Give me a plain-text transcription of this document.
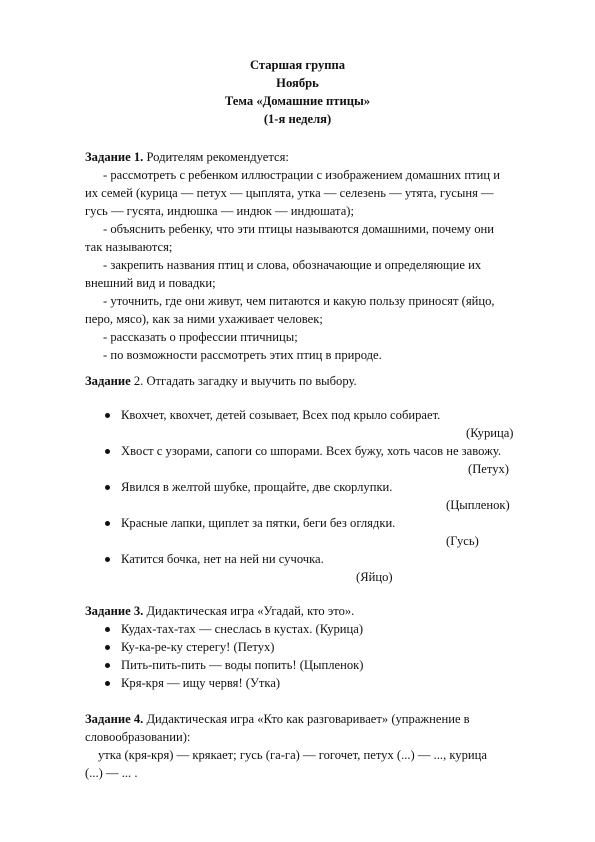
Старшая группа
Ноябрь
Тема «Домашние птицы»
(1-я неделя)
Задание 1. Родителям рекомендуется:
- рассмотреть с ребенком иллюстрации с изображением домашних птиц и
их семей (курица — петух — цыплята, утка — селезень — утята, гусыня —
гусь — гусята, индюшка — индюк — индюшата);
- объяснить ребенку, что эти птицы называются домашними, почему они
так называются;
- закрепить названия птиц и слова, обозначающие и определяющие их
внешний вид и повадки;
- уточнить, где они живут, чем питаются и какую пользу приносят (яйцо,
перо, мясо), как за ними ухаживает человек;
- рассказать о профессии птичницы;
- по возможности рассмотреть этих птиц в природе.
Задание 2. Отгадать загадку и выучить по выбору.
Квохчет, квохчет, детей созывает, Всех под крыло собирает.
(Курица)
Хвост с узорами, сапоги со шпорами. Всех бужу, хоть часов не завожу.
(Петух)
Явился в желтой шубке, прощайте, две скорлупки.
(Цыпленок)
Красные лапки, щиплет за пятки, беги без оглядки.
(Гусь)
Катится бочка, нет на ней ни сучочка.
(Яйцо)
Задание 3. Дидактическая игра «Угадай, кто это».
Кудах-тах-тах — снеслась в кустах. (Курица)
Ку-ка-ре-ку стерегу! (Петух)
Пить-пить-пить — воды попить! (Цыпленок)
Кря-кря — ищу червя! (Утка)
Задание 4. Дидактическая игра «Кто как разговаривает» (упражнение в
словообразовании):
утка (кря-кря) — крякает; гусь (га-га) — гогочет, петух (...) — ..., курица
(...) — ... .
